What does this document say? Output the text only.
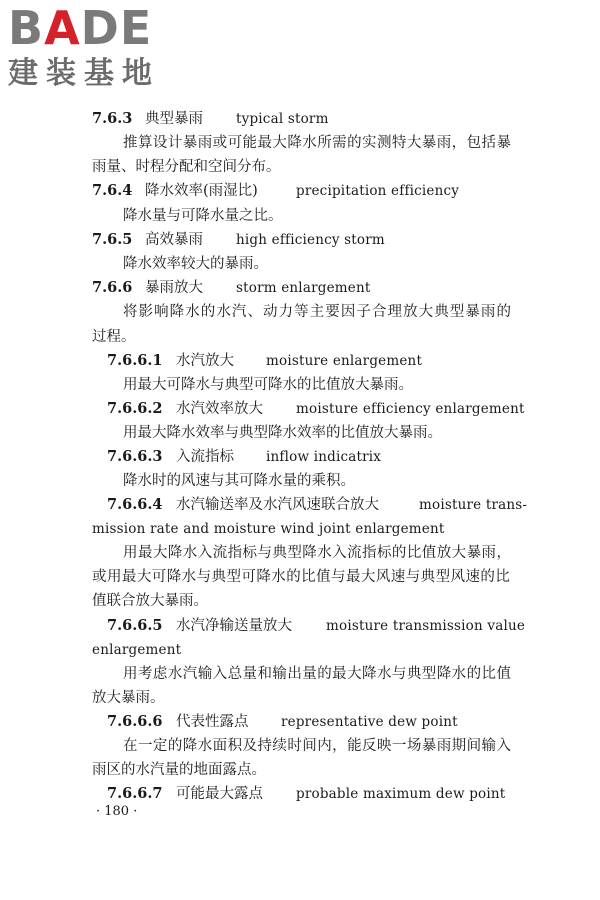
BADE
建装基地
7.6.3 典型暴雨 typical storm
推算设计暴雨或可能最大降水所需的实测特大暴雨，包括暴
雨量、时程分配和空间分布。
7.6.4 降水效率(雨湿比)	precipitation efficiency
降水量与可降水量之比。
7.6.5 高效暴雨 high efficiency storm
降水效率较大的暴雨。
7.6.6 暴雨放大 storm enlargement
将影响降水的水汽、动力等主要因子合理放大典型暴雨的
过程。
7.6.6.1 水汽放大 moisture enlargement
用最大可降水与典型可降水的比值放大暴雨。
7.6.6.2 水汽效率放大 moisture efficiency enlargement
用最大降水效率与典型降水效率的比值放大暴雨。
7.6.6.3 入流指标 inflow indicatrix
降水时的风速与其可降水量的乘积。
7.6.6.4 水汽输送率及水汽风速联合放大	moisture trans-
mission rate and moisture wind joint enlargement
用最大降水入流指标与典型降水入流指标的比值放大暴雨，
或用最大可降水与典型可降水的比值与最大风速与典型风速的比
值联合放大暴雨。
7.6.6.5 水汽净输送量放大	moisture transmission value
enlargement
用考虑水汽输入总量和输出量的最大降水与典型降水的比值
放大暴雨。
7.6.6.6 代表性露点 representative dew point
在一定的降水面积及持续时间内，能反映一场暴雨期间输入
雨区的水汽量的地面露点。
7.6.6.7 可能最大露点 probable maximum dew point
· 180 ·
